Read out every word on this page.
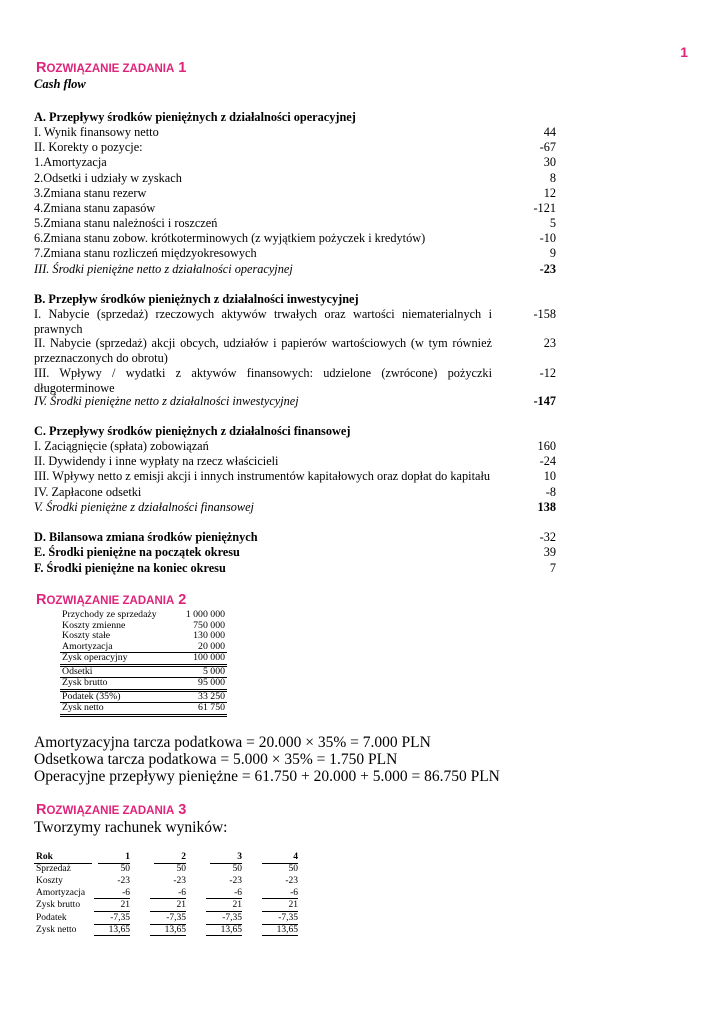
1
ROZWIĄZANIE ZADANIA 1
Cash flow
A. Przepływy środków pieniężnych z działalności operacyjnej
I. Wynik finansowy netto	44
II. Korekty o pozycje:	-67
1.Amortyzacja	30
2.Odsetki i udziały w zyskach	8
3.Zmiana stanu rezerw	12
4.Zmiana stanu zapasów	-121
5.Zmiana stanu należności i roszczeń	5
6.Zmiana stanu zobow. krótkoterminowych (z wyjątkiem pożyczek i kredytów)	-10
7.Zmiana stanu rozliczeń międzyokresowych	9
III. Środki pieniężne netto z działalności operacyjnej	-23
B. Przepływ środków pieniężnych z działalności inwestycyjnej
I. Nabycie (sprzedaż) rzeczowych aktywów trwałych oraz wartości niematerialnych i prawnych
-158
II. Nabycie (sprzedaż) akcji obcych, udziałów i papierów wartościowych (w tym również przeznaczonych do obrotu)
23
III. Wpływy / wydatki z aktywów finansowych: udzielone (zwrócone) pożyczki długoterminowe
-12
IV. Środki pieniężne netto z działalności inwestycyjnej	-147
C. Przepływy środków pieniężnych z działalności finansowej
I. Zaciągnięcie (spłata) zobowiązań	160
II. Dywidendy i inne wypłaty na rzecz właścicieli	-24
III. Wpływy netto z emisji akcji i innych instrumentów kapitałowych oraz dopłat do kapitału	10
IV. Zapłacone odsetki	-8
V. Środki pieniężne z działalności finansowej	138
D. Bilansowa zmiana środków pieniężnych	-32
E. Środki pieniężne na początek okresu	39
F. Środki pieniężne na koniec okresu	7
ROZWIĄZANIE ZADANIA 2
Przychody ze sprzedaży	1 000 000
Koszty zmienne	750 000
Koszty stałe	130 000
Amortyzacja	20 000
Zysk operacyjny	100 000
Odsetki	5 000
Zysk brutto	95 000
Podatek (35%)	33 250
Zysk netto	61 750
Amortyzacyjna tarcza podatkowa = 20.000 × 35% = 7.000 PLN
Odsetkowa tarcza podatkowa = 5.000 × 35% = 1.750 PLN
Operacyjne przepływy pieniężne = 61.750 + 20.000 + 5.000 = 86.750 PLN
ROZWIĄZANIE ZADANIA 3
Tworzymy rachunek wyników:
Rok	1	2	3	4
Sprzedaż	50	50	50	50
Koszty	-23	-23	-23	-23
Amortyzacja	-6	-6	-6	-6
Zysk brutto	21	21	21	21
Podatek	-7,35	-7,35	-7,35	-7,35
Zysk netto	13,65	13,65	13,65	13,65
